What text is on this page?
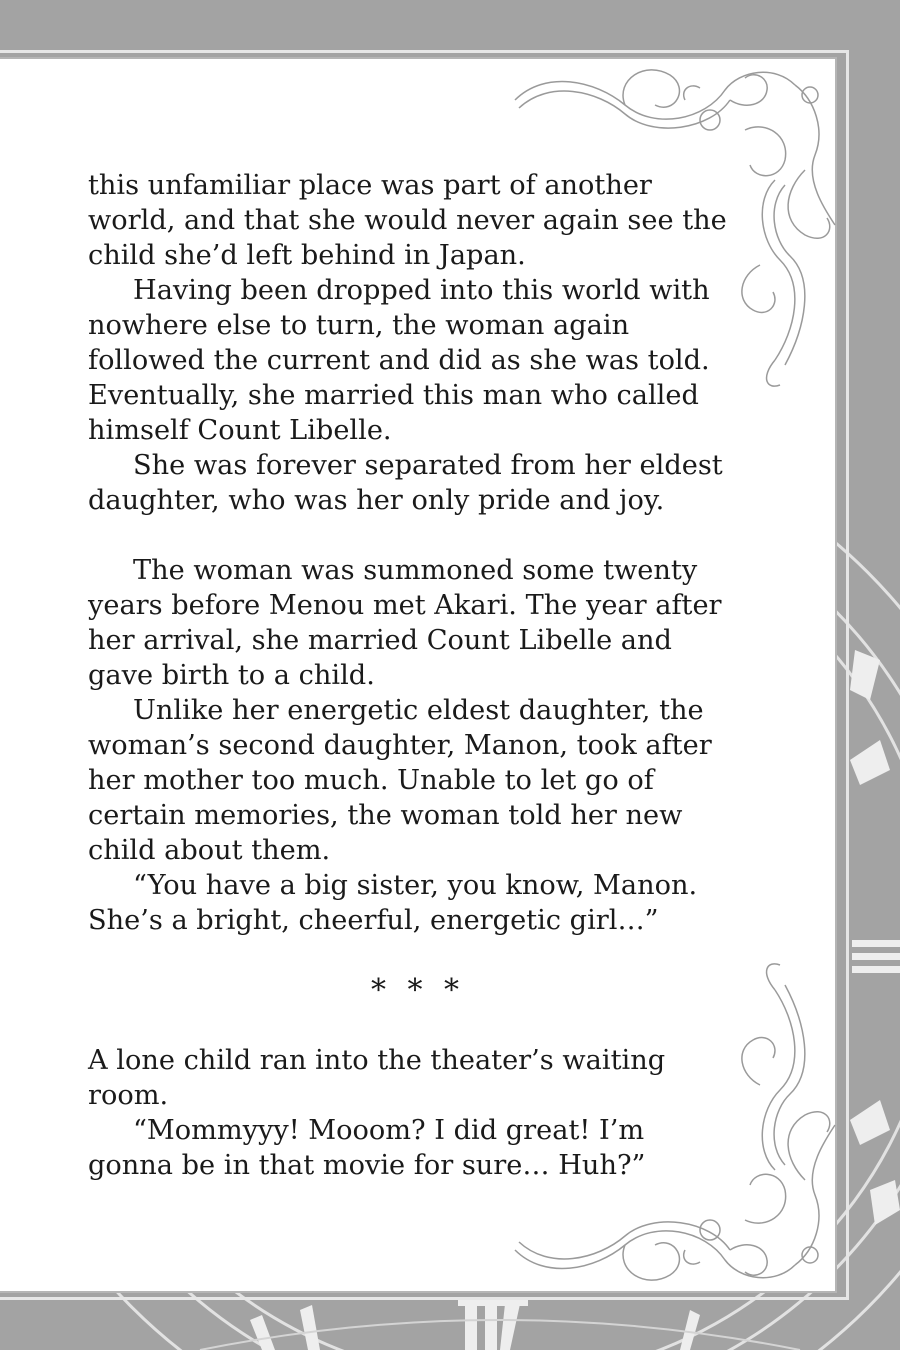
this unfamiliar place was part of another world, and that she would never again see the child she’d left behind in Japan.

Having been dropped into this world with nowhere else to turn, the woman again followed the current and did as she was told. Eventually, she married this man who called himself Count Libelle.

She was forever separated from her eldest daughter, who was her only pride and joy.

The woman was summoned some twenty years before Menou met Akari. The year after her arrival, she married Count Libelle and gave birth to a child.

Unlike her energetic eldest daughter, the woman’s second daughter, Manon, took after her mother too much. Unable to let go of certain memories, the woman told her new child about them.

“You have a big sister, you know, Manon. She’s a bright, cheerful, energetic girl…”

* * *

A lone child ran into the theater’s waiting room.

“Mommyyy! Mooom? I did great! I’m gonna be in that movie for sure… Huh?”
